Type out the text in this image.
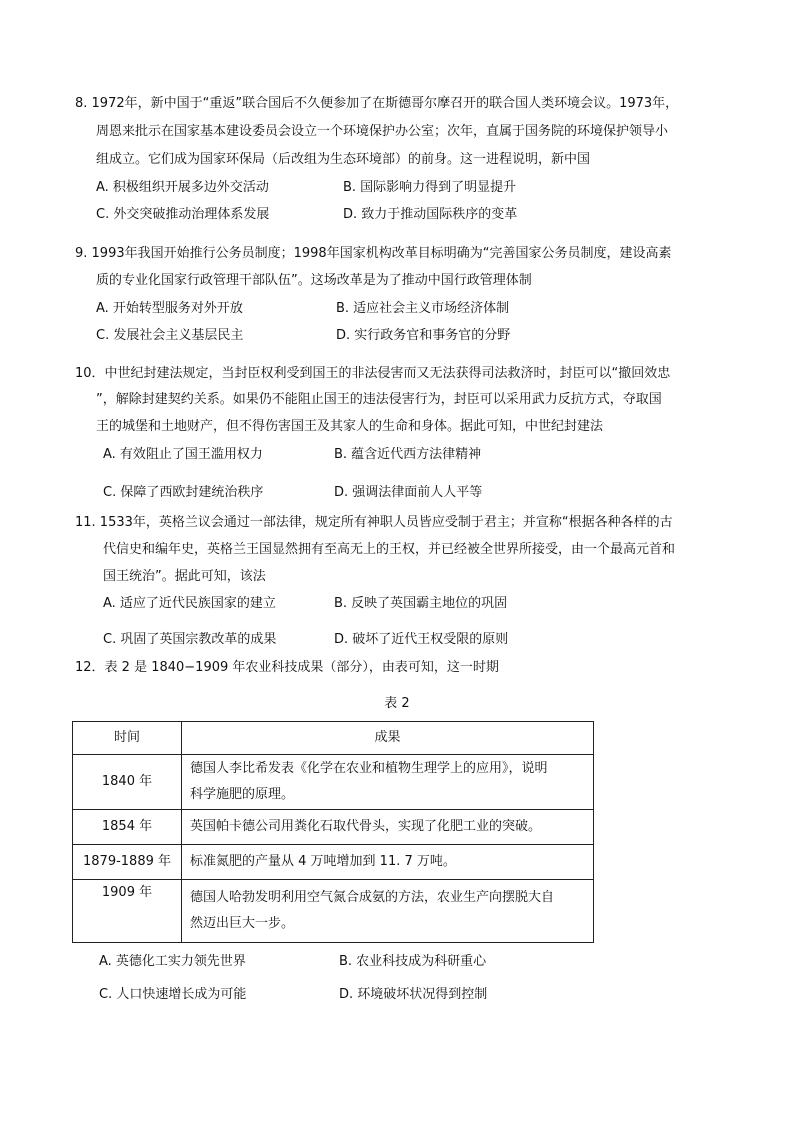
8. 1972年，新中国于“重返”联合国后不久便参加了在斯德哥尔摩召开的联合国人类环境会议。1973年，
周恩来批示在国家基本建设委员会设立一个环境保护办公室；次年，直属于国务院的环境保护领导小
组成立。它们成为国家环保局（后改组为生态环境部）的前身。这一进程说明，新中国
A. 积极组织开展多边外交活动	B. 国际影响力得到了明显提升
C. 外交突破推动治理体系发展	D. 致力于推动国际秩序的变革
9. 1993年我国开始推行公务员制度；1998年国家机构改革目标明确为“完善国家公务员制度，建设高素
质的专业化国家行政管理干部队伍”。这场改革是为了推动中国行政管理体制
A. 开始转型服务对外开放	B. 适应社会主义市场经济体制
C. 发展社会主义基层民主	D. 实行政务官和事务官的分野
10．中世纪封建法规定，当封臣权利受到国王的非法侵害而又无法获得司法救济时，封臣可以“撤回效忠
”，解除封建契约关系。如果仍不能阻止国王的违法侵害行为，封臣可以采用武力反抗方式，夺取国
王的城堡和土地财产，但不得伤害国王及其家人的生命和身体。据此可知，中世纪封建法
A. 有效阻止了国王滥用权力	B. 蕴含近代西方法律精神
C. 保障了西欧封建统治秩序	D. 强调法律面前人人平等
11. 1533年，英格兰议会通过一部法律，规定所有神职人员皆应受制于君主；并宣称“根据各种各样的古
代信史和编年史，英格兰王国显然拥有至高无上的王权，并已经被全世界所接受，由一个最高元首和
国王统治”。据此可知，该法
A. 适应了近代民族国家的建立	B. 反映了英国霸主地位的巩固
C. 巩固了英国宗教改革的成果	D. 破坏了近代王权受限的原则
12．表 2 是 1840−1909 年农业科技成果（部分），由表可知，这一时期
表 2
时间	成果
1840 年	德国人李比希发表《化学在农业和植物生理学上的应用》，说明
科学施肥的原理。

1854 年	英国帕卡德公司用粪化石取代骨头，实现了化肥工业的突破。

1879-1889 年	标准氮肥的产量从 4 万吨增加到 11. 7 万吨。

1909 年	德国人哈勃发明利用空气氮合成氨的方法，农业生产向摆脱大自
然迈出巨大一步。
A. 英德化工实力领先世界	B. 农业科技成为科研重心
C. 人口快速增长成为可能	D. 环境破坏状况得到控制
